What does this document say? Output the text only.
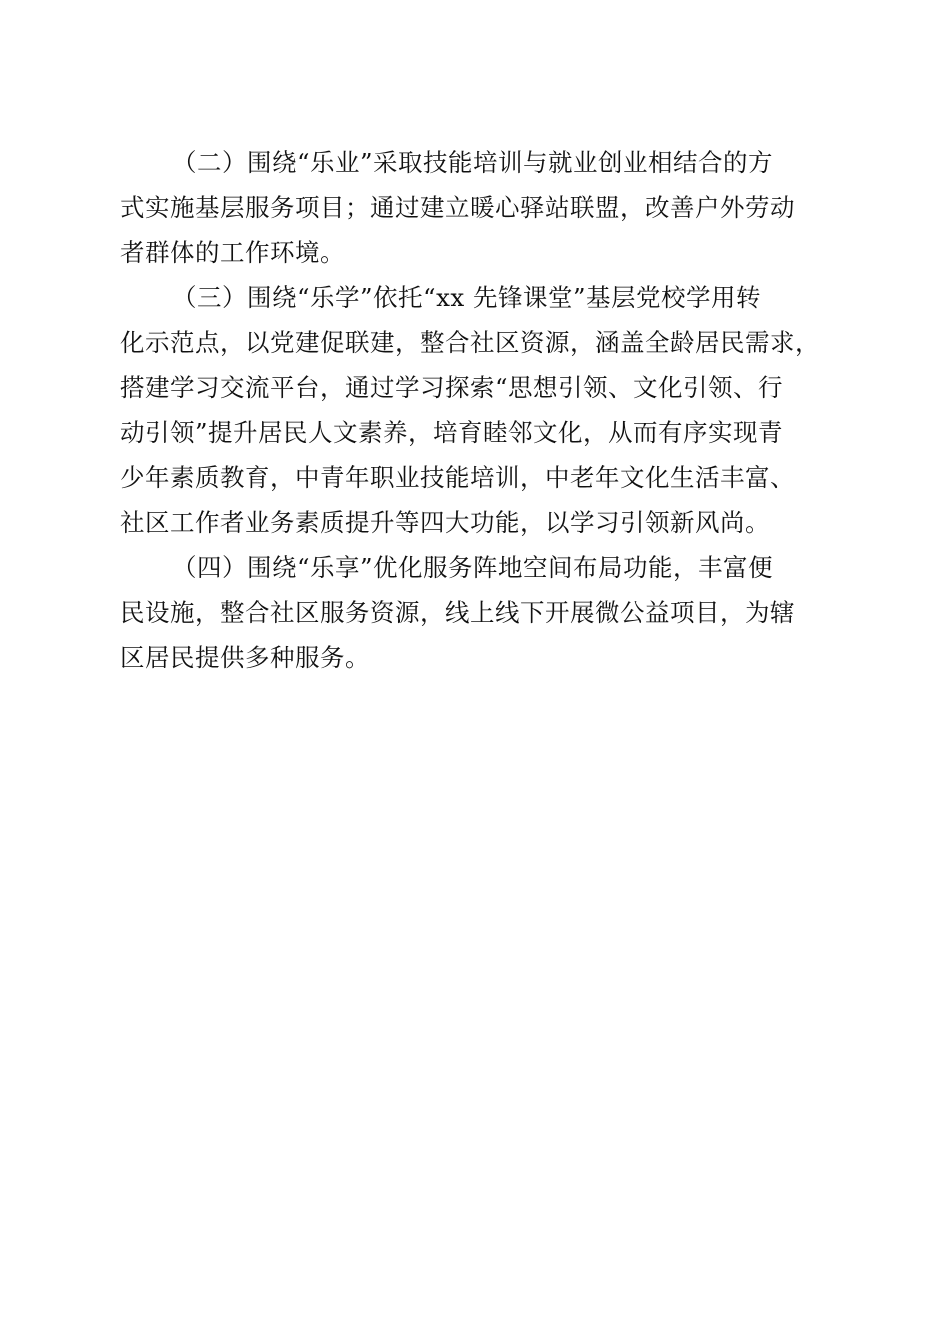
（二）围绕“乐业”采取技能培训与就业创业相结合的方
式实施基层服务项目；通过建立暖心驿站联盟，改善户外劳动
者群体的工作环境。
（三）围绕“乐学”依托“xx 先锋课堂”基层党校学用转
化示范点，以党建促联建，整合社区资源，涵盖全龄居民需求，
搭建学习交流平台，通过学习探索“思想引领、文化引领、行
动引领”提升居民人文素养，培育睦邻文化，从而有序实现青
少年素质教育，中青年职业技能培训，中老年文化生活丰富、
社区工作者业务素质提升等四大功能，以学习引领新风尚。
（四）围绕“乐享”优化服务阵地空间布局功能，丰富便
民设施，整合社区服务资源，线上线下开展微公益项目，为辖
区居民提供多种服务。
